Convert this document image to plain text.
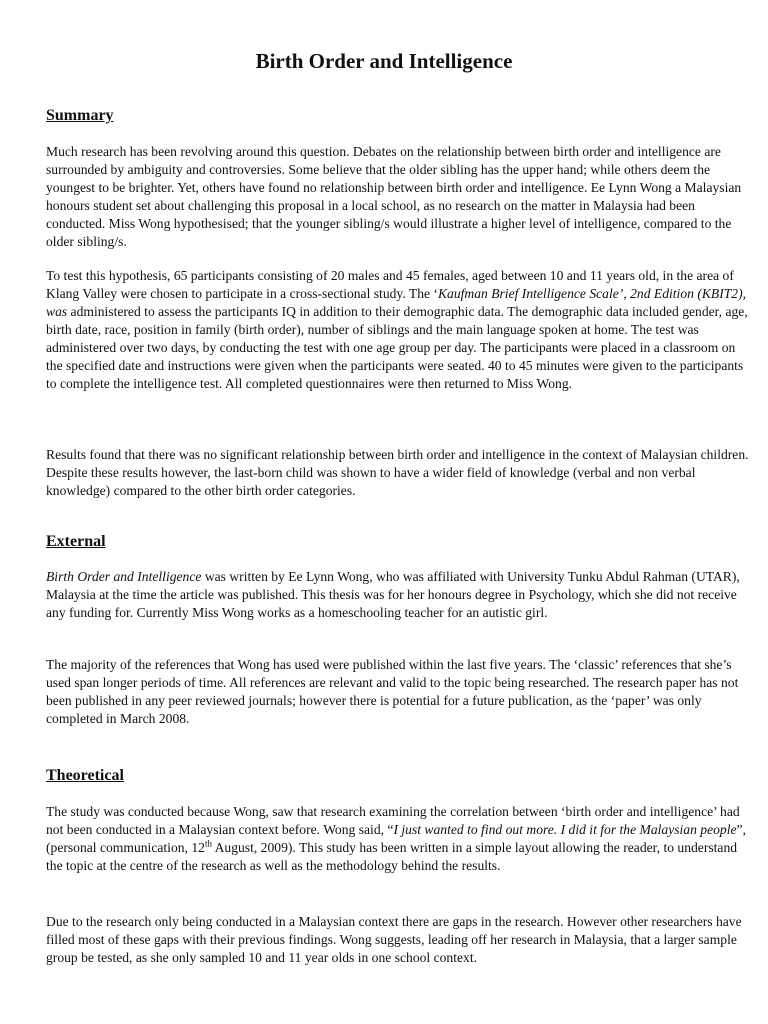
Birth Order and Intelligence
Summary

Much research has been revolving around this question. Debates on the relationship between birth order and intelligence are surrounded by ambiguity and controversies. Some believe that the older sibling has the upper hand; while others deem the youngest to be brighter. Yet, others have found no relationship between birth order and intelligence. Ee Lynn Wong a Malaysian honours student set about challenging this proposal in a local school, as no research on the matter in Malaysia had been conducted. Miss Wong hypothesised; that the younger sibling/s would illustrate a higher level of intelligence, compared to the older sibling/s.

To test this hypothesis, 65 participants consisting of 20 males and 45 females, aged between 10 and 11 years old, in the area of Klang Valley were chosen to participate in a cross-sectional study. The ‘Kaufman Brief Intelligence Scale’, 2nd Edition (KBIT2), was administered to assess the participants IQ in addition to their demographic data. The demographic data included gender, age, birth date, race, position in family (birth order), number of siblings and the main language spoken at home. The test was administered over two days, by conducting the test with one age group per day. The participants were placed in a classroom on the specified date and instructions were given when the participants were seated. 40 to 45 minutes were given to the participants to complete the intelligence test. All completed questionnaires were then returned to Miss Wong.

Results found that there was no significant relationship between birth order and intelligence in the context of Malaysian children. Despite these results however, the last-born child was shown to have a wider field of knowledge (verbal and non verbal knowledge) compared to the other birth order categories.

External

Birth Order and Intelligence was written by Ee Lynn Wong, who was affiliated with University Tunku Abdul Rahman (UTAR), Malaysia at the time the article was published. This thesis was for her honours degree in Psychology, which she did not receive any funding for. Currently Miss Wong works as a homeschooling teacher for an autistic girl.

The majority of the references that Wong has used were published within the last five years. The ‘classic’ references that she’s used span longer periods of time. All references are relevant and valid to the topic being researched. The research paper has not been published in any peer reviewed journals; however there is potential for a future publication, as the ‘paper’ was only completed in March 2008.

Theoretical

The study was conducted because Wong, saw that research examining the correlation between ‘birth order and intelligence’ had not been conducted in a Malaysian context before. Wong said, “I just wanted to find out more. I did it for the Malaysian people”, (personal communication, 12th August, 2009). This study has been written in a simple layout allowing the reader, to understand the topic at the centre of the research as well as the methodology behind the results.

Due to the research only being conducted in a Malaysian context there are gaps in the research. However other researchers have filled most of these gaps with their previous findings. Wong suggests, leading off her research in Malaysia, that a larger sample group be tested, as she only sampled 10 and 11 year olds in one school context.
